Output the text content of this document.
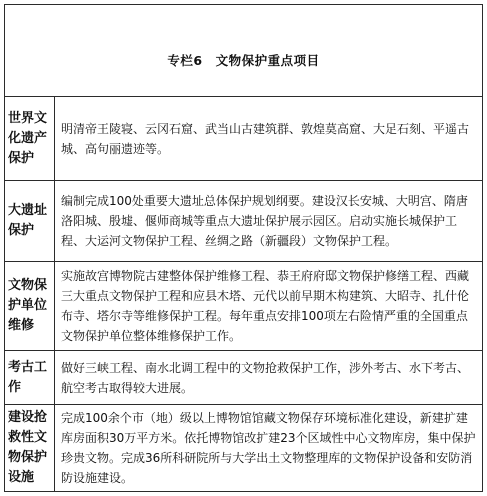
专栏6　文物保护重点项目
世界文化遗产保护

明清帝王陵寝、云冈石窟、武当山古建筑群、敦煌莫高窟、大足石刻、平遥古城、高句丽遗迹等。

大遗址保护

编制完成100处重要大遗址总体保护规划纲要。建设汉长安城、大明宫、隋唐洛阳城、殷墟、偃师商城等重点大遗址保护展示园区。启动实施长城保护工程、大运河文物保护工程、丝绸之路（新疆段）文物保护工程。

文物保护单位维修

实施故宫博物院古建整体保护维修工程、恭王府府邸文物保护修缮工程、西藏三大重点文物保护工程和应县木塔、元代以前早期木构建筑、大昭寺、扎什伦布寺、塔尔寺等维修保护工程。每年重点安排100项左右险情严重的全国重点文物保护单位整体维修保护工作。

考古工作

做好三峡工程、南水北调工程中的文物抢救保护工作，涉外考古、水下考古、航空考古取得较大进展。

建设抢救性文物保护设施

完成100余个市（地）级以上博物馆馆藏文物保存环境标准化建设，新建扩建库房面积30万平方米。依托博物馆改扩建23个区域性中心文物库房，集中保护珍贵文物。完成36所科研院所与大学出土文物整理库的文物保护设备和安防消防设施建设。
